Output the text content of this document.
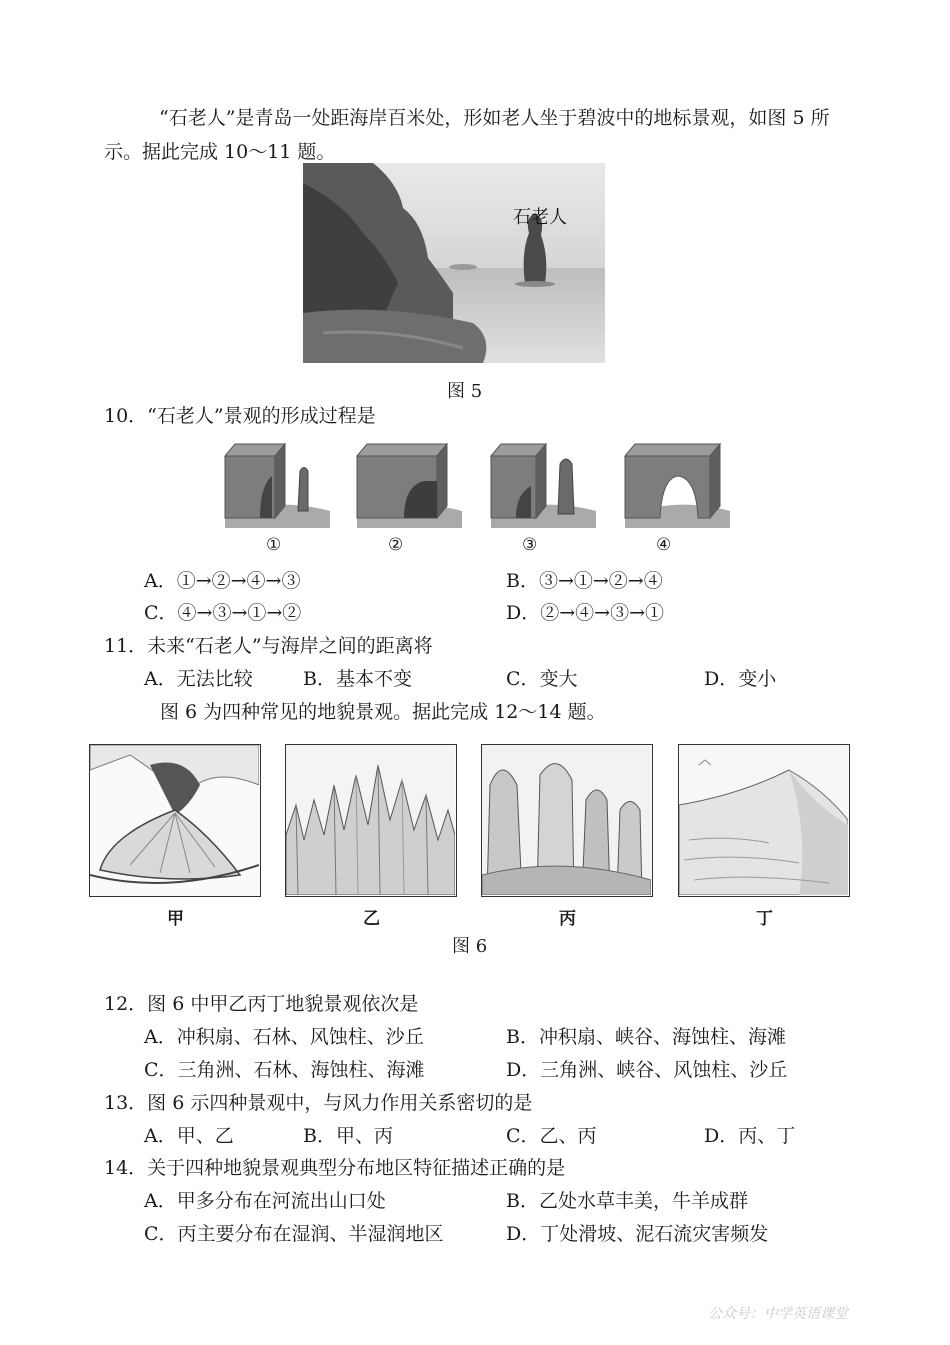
“石老人”是青岛一处距海岸百米处，形如老人坐于碧波中的地标景观，如图 5 所示。据此完成 10～11 题。
石老人
图 5
10．“石老人”景观的形成过程是
①	②	③	④
A．①→②→④→③	B．③→①→②→④
C．④→③→①→②	D．②→④→③→①
11．未来“石老人”与海岸之间的距离将
A．无法比较	B．基本不变	C．变大	D．变小
图 6 为四种常见的地貌景观。据此完成 12～14 题。
甲	乙	丙	丁
图 6
12．图 6 中甲乙丙丁地貌景观依次是
A．冲积扇、石林、风蚀柱、沙丘	B．冲积扇、峡谷、海蚀柱、海滩
C．三角洲、石林、海蚀柱、海滩	D．三角洲、峡谷、风蚀柱、沙丘
13．图 6 示四种景观中，与风力作用关系密切的是
A．甲、乙	B．甲、丙	C．乙、丙	D．丙、丁
14．关于四种地貌景观典型分布地区特征描述正确的是
A．甲多分布在河流出山口处	B．乙处水草丰美，牛羊成群
C．丙主要分布在湿润、半湿润地区	D．丁处滑坡、泥石流灾害频发
公众号：中学英语课堂
